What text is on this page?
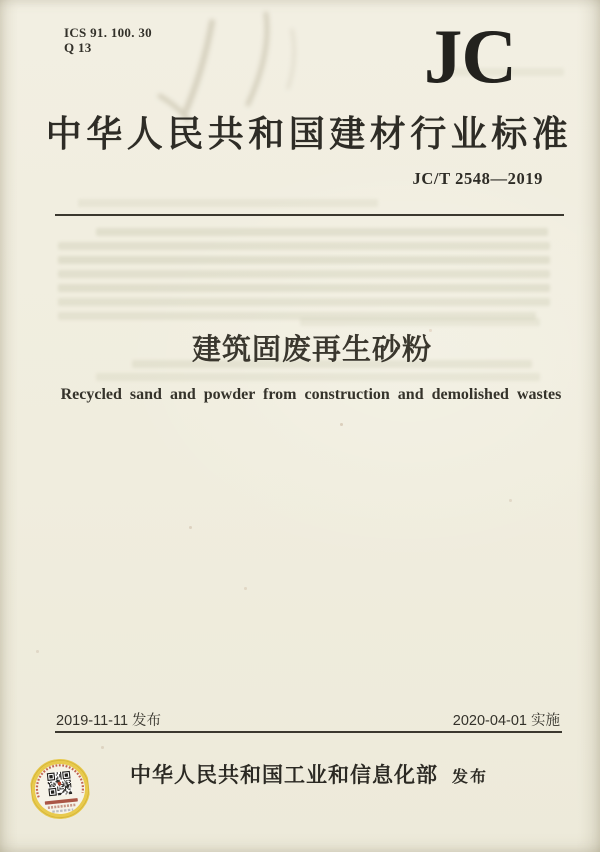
ICS 91. 100. 30
Q 13	JC
中华人民共和国建材行业标准
JC/T 2548—2019
建筑固废再生砂粉
Recycled sand and powder from construction and demolished wastes
2019-11-11 发布	2020-04-01 实施
中华人民共和国工业和信息化部 发布
